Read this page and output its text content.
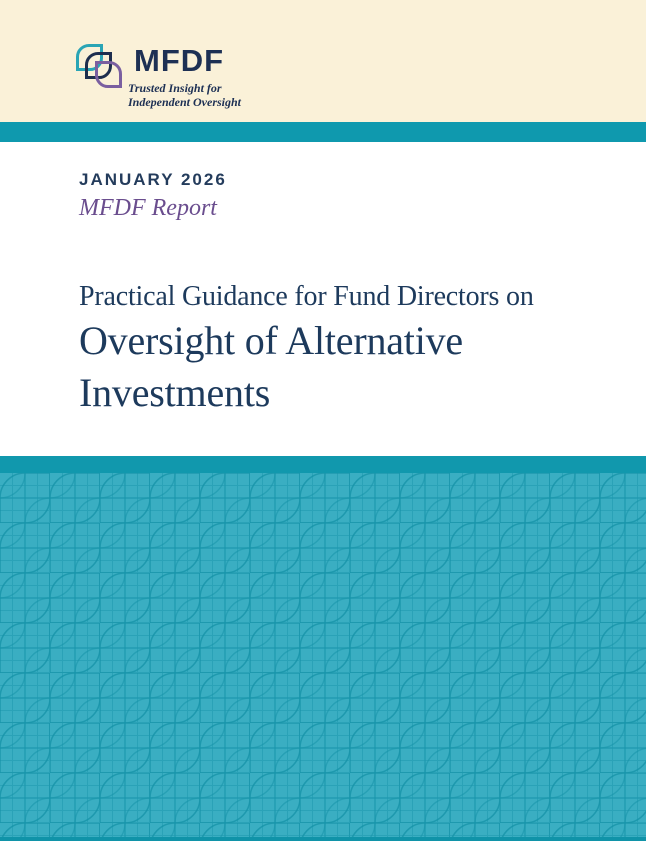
MFDF
Trusted Insight for
Independent Oversight
JANUARY 2026
MFDF Report
Practical Guidance for Fund Directors on
Oversight of Alternative
Investments
